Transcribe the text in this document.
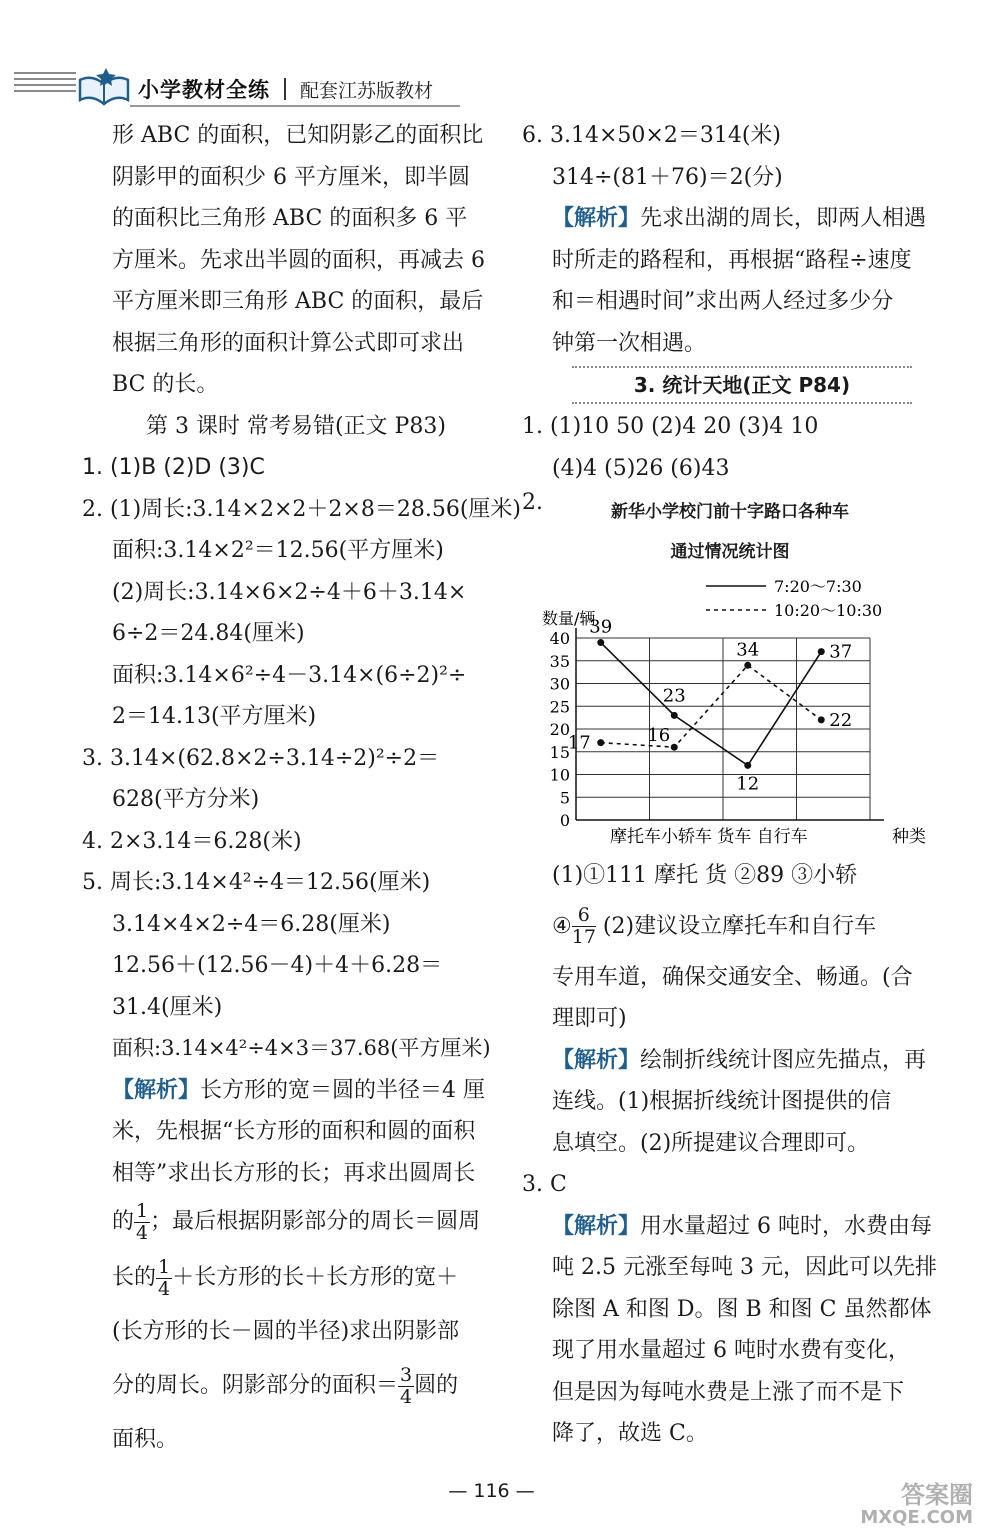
小学教材全练 配套江苏版教材

形 ABC 的面积，已知阴影乙的面积比

阴影甲的面积少 6 平方厘米，即半圆

的面积比三角形 ABC 的面积多 6 平

方厘米。先求出半圆的面积，再减去 6

平方厘米即三角形 ABC 的面积，最后

根据三角形的面积计算公式即可求出

BC 的长。

第 3 课时 常考易错(正文 P83)

1. (1)B (2)D (3)C

2. (1)周长:3.14×2×2＋2×8＝28.56(厘米)

面积:3.14×2²＝12.56(平方厘米)

(2)周长:3.14×6×2÷4＋6＋3.14×

6÷2＝24.84(厘米)

面积:3.14×6²÷4－3.14×(6÷2)²÷

2＝14.13(平方厘米)

3. 3.14×(62.8×2÷3.14÷2)²÷2＝

628(平方分米)

4. 2×3.14＝6.28(米)

5. 周长:3.14×4²÷4＝12.56(厘米)

3.14×4×2÷4＝6.28(厘米)

12.56＋(12.56－4)＋4＋6.28＝

31.4(厘米)

面积:3.14×4²÷4×3＝37.68(平方厘米)

【解析】长方形的宽＝圆的半径＝4 厘

米，先根据“长方形的面积和圆的面积

相等”求出长方形的长；再求出圆周长

的 $\frac{1}{4}$ ；最后根据阴影部分的周长＝圆周

长的 $\frac{1}{4}$ ＋长方形的长＋长方形的宽＋

(长方形的长－圆的半径)求出阴影部

分的周长。阴影部分的面积＝ $\frac{3}{4}$ 圆的

面积。

6. 3.14×50×2＝314(米)

314÷(81＋76)＝2(分)

【解析】先求出湖的周长，即两人相遇

时所走的路程和，再根据“路程÷速度

和＝相遇时间”求出两人经过多少分

钟第一次相遇。

3. 统计天地(正文 P84)

1. (1)10 50 (2)4 20 (3)4 10

(4)4 (5)26 (6)43

2.	新华小学校门前十字路口各种车
通过情况统计图
0
5
10
15
20
25
30
35
40
数量/辆
种类
摩托车小轿车 货车 自行车
7:20～7:30
10:20～10:30
39
23
12
37
17	16
34
22

(1)①111 摩托 货 ②89 ③小轿

④ $\frac{6}{17} (2)$建议设立摩托车和自行车

专用车道，确保交通安全、畅通。(合

理即可)

【解析】绘制折线统计图应先描点，再

连线。(1)根据折线统计图提供的信

息填空。(2)所提建议合理即可。

3. C

【解析】用水量超过 6 吨时，水费由每

吨 2.5 元涨至每吨 3 元，因此可以先排

除图 A 和图 D。图 B 和图 C 虽然都体

现了用水量超过 6 吨时水费有变化，

但是因为每吨水费是上涨了而不是下

降了，故选 C。

— 116 —	答案圈
MXQE.COM
